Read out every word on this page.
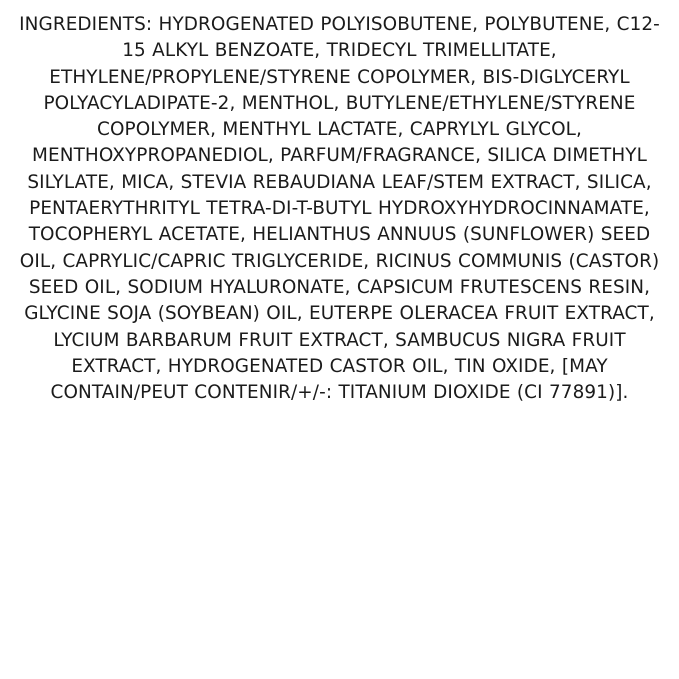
INGREDIENTS: HYDROGENATED POLYISOBUTENE, POLYBUTENE, C12-15 ALKYL BENZOATE, TRIDECYL TRIMELLITATE, ETHYLENE/PROPYLENE/STYRENE COPOLYMER, BIS-DIGLYCERYL POLYACYLADIPATE-2, MENTHOL, BUTYLENE/ETHYLENE/STYRENE COPOLYMER, MENTHYL LACTATE, CAPRYLYL GLYCOL, MENTHOXYPROPANEDIOL, PARFUM/FRAGRANCE, SILICA DIMETHYL SILYLATE, MICA, STEVIA REBAUDIANA LEAF/STEM EXTRACT, SILICA, PENTAERYTHRITYL TETRA-DI-T-BUTYL HYDROXYHYDROCINNAMATE, TOCOPHERYL ACETATE, HELIANTHUS ANNUUS (SUNFLOWER) SEED OIL, CAPRYLIC/CAPRIC TRIGLYCERIDE, RICINUS COMMUNIS (CASTOR) SEED OIL, SODIUM HYALURONATE, CAPSICUM FRUTESCENS RESIN, GLYCINE SOJA (SOYBEAN) OIL, EUTERPE OLERACEA FRUIT EXTRACT, LYCIUM BARBARUM FRUIT EXTRACT, SAMBUCUS NIGRA FRUIT EXTRACT, HYDROGENATED CASTOR OIL, TIN OXIDE, [MAY CONTAIN/PEUT CONTENIR/+/-: TITANIUM DIOXIDE (CI 77891)].
